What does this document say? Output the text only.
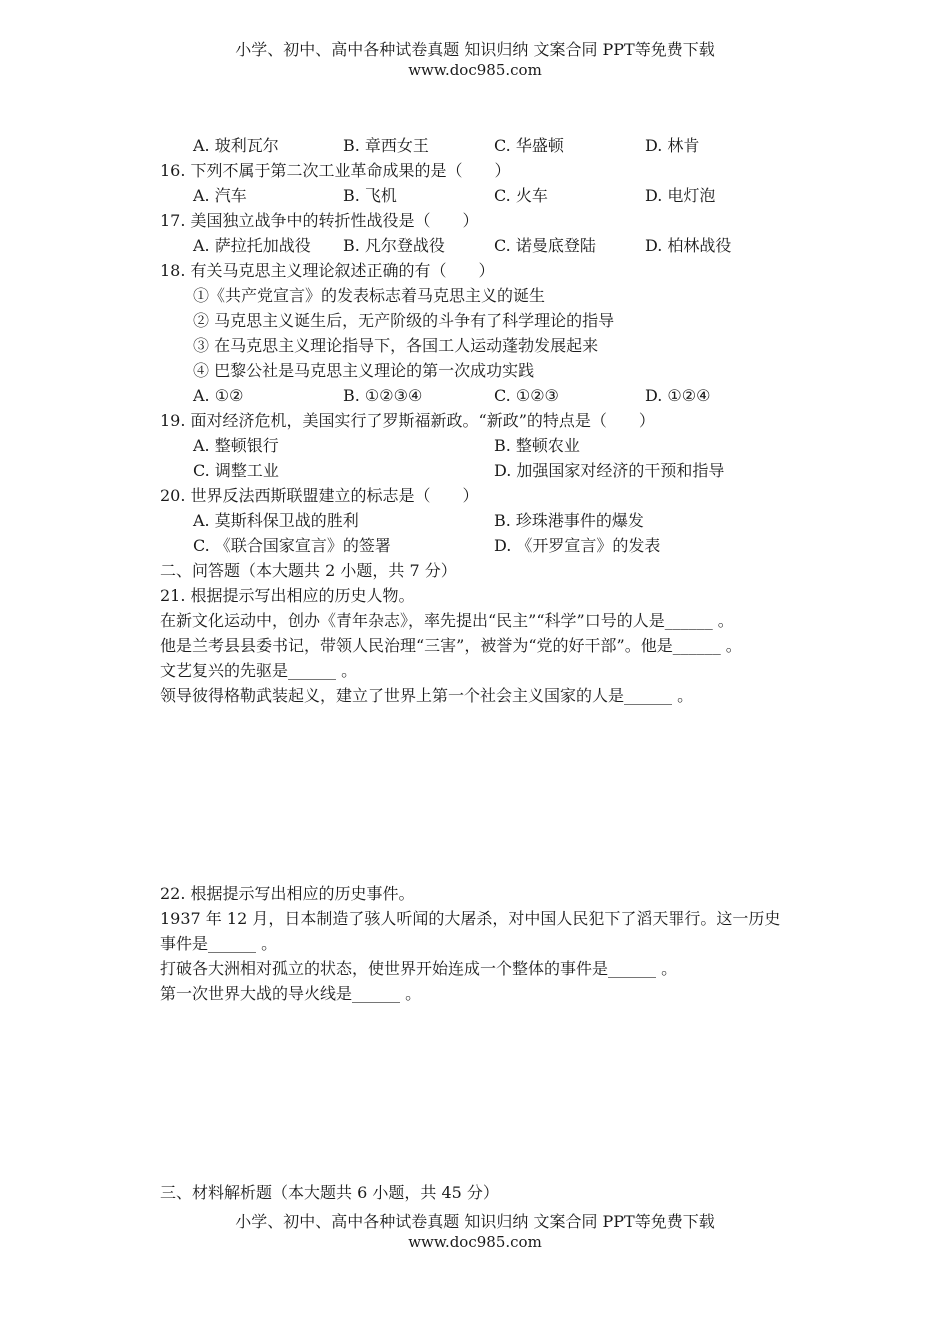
小学、初中、高中各种试卷真题 知识归纳 文案合同 PPT等免费下载
www.doc985.com
A. 玻利瓦尔	B. 章西女王	C. 华盛顿	D. 林肯
16. 下列不属于第二次工业革命成果的是（　　）
A. 汽车	B. 飞机	C. 火车	D. 电灯泡
17. 美国独立战争中的转折性战役是（　　）
A. 萨拉托加战役 B. 凡尔登战役	C. 诺曼底登陆	D. 柏林战役
18. 有关马克思主义理论叙述正确的有（　　）
①《共产党宣言》的发表标志着马克思主义的诞生
② 马克思主义诞生后，无产阶级的斗争有了科学理论的指导
③ 在马克思主义理论指导下，各国工人运动蓬勃发展起来
④ 巴黎公社是马克思主义理论的第一次成功实践
A. ①②	B. ①②③④	C. ①②③	D. ①②④
19. 面对经济危机，美国实行了罗斯福新政。“新政”的特点是（　　）
A. 整顿银行	B. 整顿农业
C. 调整工业	D. 加强国家对经济的干预和指导
20. 世界反法西斯联盟建立的标志是（　　）
A. 莫斯科保卫战的胜利	B. 珍珠港事件的爆发
C. 《联合国家宣言》的签署	D. 《开罗宣言》的发表
二、问答题（本大题共 2 小题，共 7 分）
21. 根据提示写出相应的历史人物。
在新文化运动中，创办《青年杂志》，率先提出“民主”“科学”口号的人是______ 。
他是兰考县县委书记，带领人民治理“三害”，被誉为“党的好干部”。他是______ 。
文艺复兴的先驱是______ 。
领导彼得格勒武装起义，建立了世界上第一个社会主义国家的人是______ 。
22. 根据提示写出相应的历史事件。
1937 年 12 月，日本制造了骇人听闻的大屠杀，对中国人民犯下了滔天罪行。这一历史
事件是______ 。
打破各大洲相对孤立的状态，使世界开始连成一个整体的事件是______ 。
第一次世界大战的导火线是______ 。
三、材料解析题（本大题共 6 小题，共 45 分）
小学、初中、高中各种试卷真题 知识归纳 文案合同 PPT等免费下载
www.doc985.com
